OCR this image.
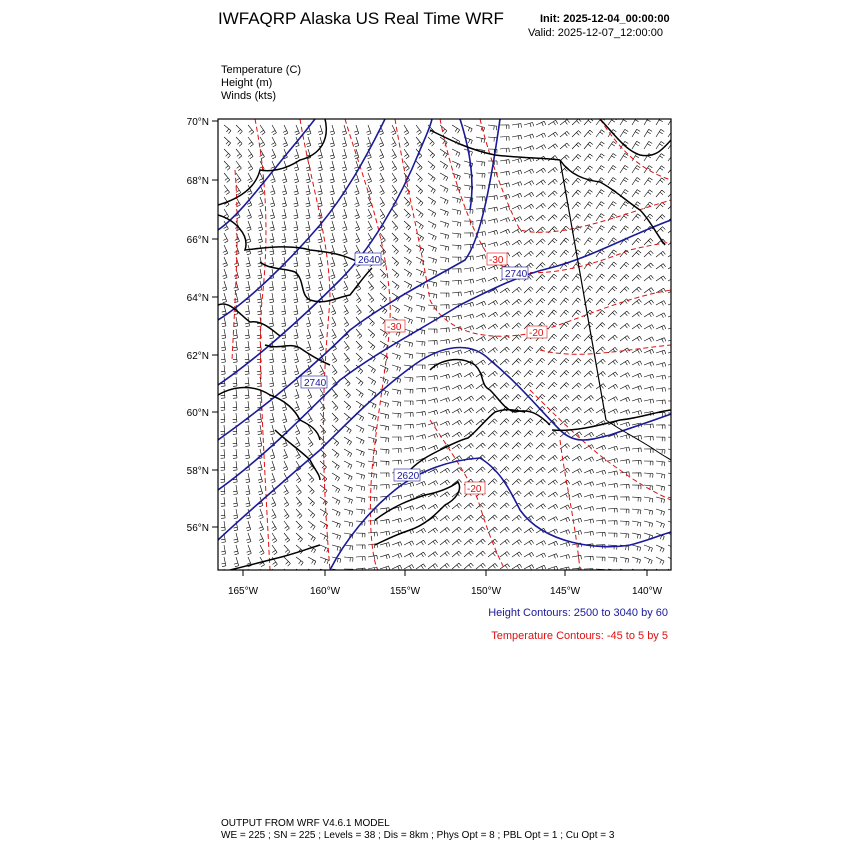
IWFAQRP Alaska US Real Time WRF	Init: 2025-12-04_00:00:00
Valid: 2025-12-07_12:00:00
Temperature (C)
Height (m)
Winds (kts)
2640
2740
2740
2620
-30
-20
-30
-20
70°N
68°N
66°N
64°N
62°N
60°N
58°N
56°N
165°W	160°W	155°W	150°W	145°W	140°W
Height Contours: 2500 to 3040 by 60
Temperature Contours: -45 to 5 by 5
OUTPUT FROM WRF V4.6.1 MODEL
WE = 225 ; SN = 225 ; Levels = 38 ; Dis = 8km ; Phys Opt = 8 ; PBL Opt = 1 ; Cu Opt = 3
